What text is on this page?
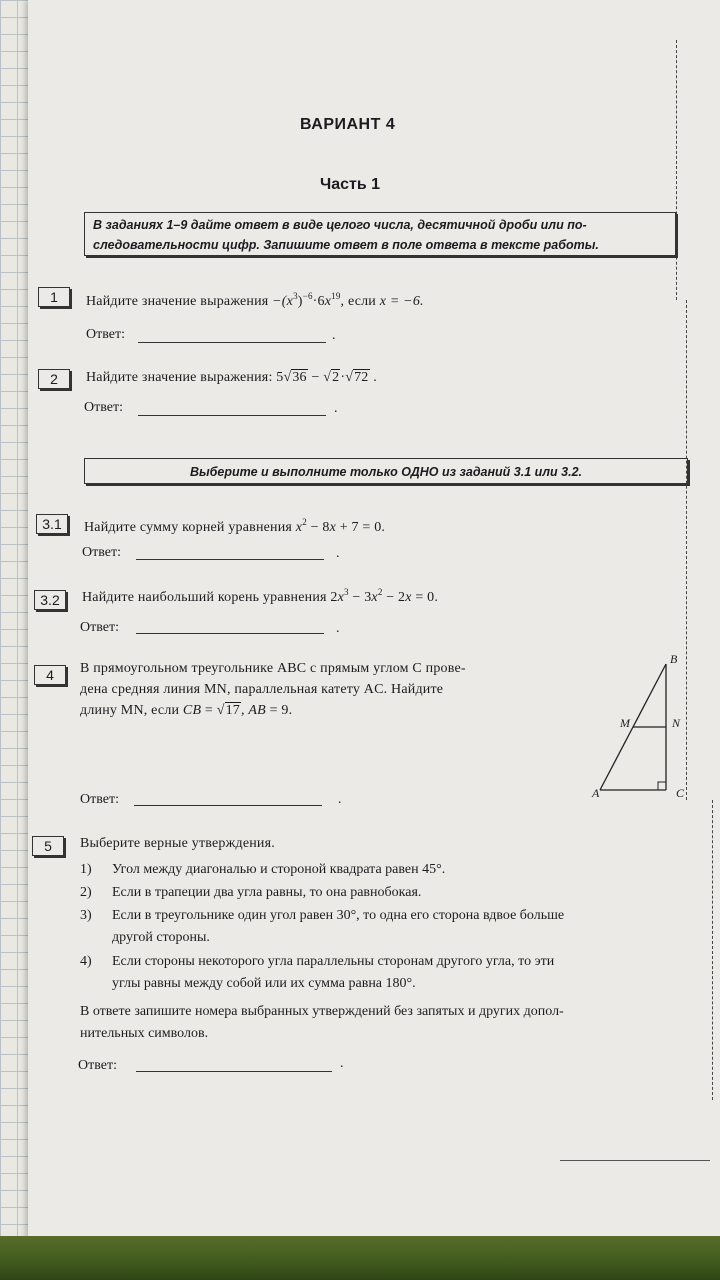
ВАРИАНТ 4
Часть 1
В заданиях 1–9 дайте ответ в виде целого числа, десятичной дроби или по-
следовательности цифр. Запишите ответ в поле ответа в тексте работы.
1	Найдите значение выражения $-(x^3)^{-6}\cdot 6x^{19}$, если x = −6.
Ответ:	.
2	Найдите значение выражения: 5√36 − √2·√72 .
Ответ:	.
Выберите и выполните только ОДНО из заданий 3.1 или 3.2.
3.1	Найдите сумму корней уравнения $x^2 - 8x + 7 = 0$.
Ответ:	.
3.2	Найдите наибольший корень уравнения $2x^3 - 3x^2 - 2x = 0$.
Ответ:	.
4	В прямоугольном треугольнике ABC с прямым углом C прове-
дена средняя линия MN, параллельная катету AC. Найдите
длину MN, если CB = √17, AB = 9.
Ответ:	.
B
M	N
A	C
5	Выберите верные утверждения.
1) Угол между диагональю и стороной квадрата равен 45°.
2) Если в трапеции два угла равны, то она равнобокая.
3) Если в треугольнике один угол равен 30°, то одна его сторона вдвое больше
другой стороны.
4) Если стороны некоторого угла параллельны сторонам другого угла, то эти
углы равны между собой или их сумма равна 180°.
В ответе запишите номера выбранных утверждений без запятых и других допол-
нительных символов.
Ответ:	.
